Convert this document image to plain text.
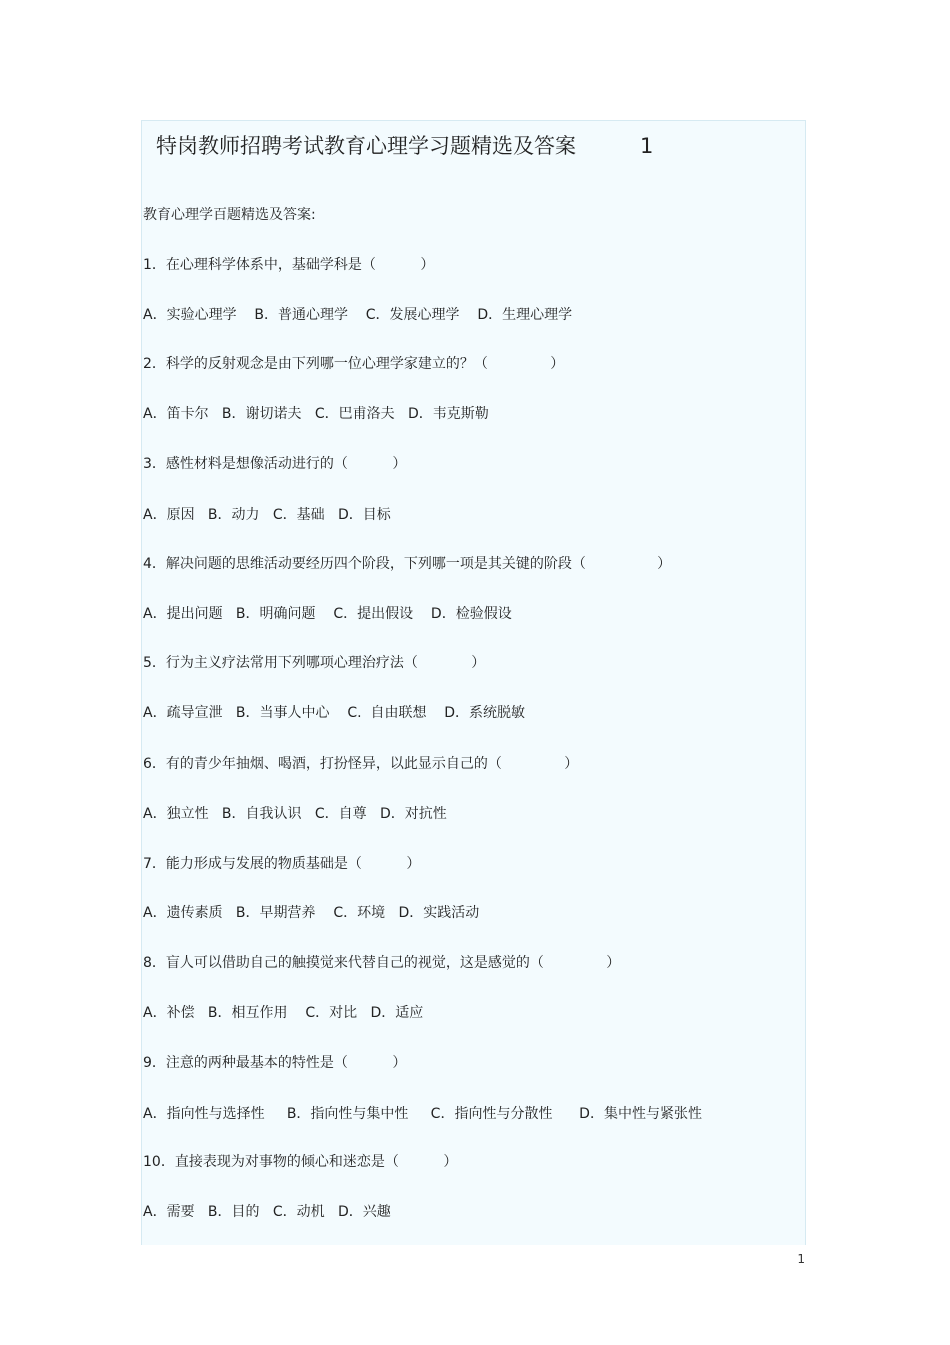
特岗教师招聘考试教育心理学习题精选及答案	1
教育心理学百题精选及答案:
1．在心理科学体系中，基础学科是（          ）
A．实验心理学    B．普通心理学    C．发展心理学    D．生理心理学
2．科学的反射观念是由下列哪一位心理学家建立的？（              ）
A．笛卡尔   B．谢切诺夫   C．巴甫洛夫   D．韦克斯勒
3．感性材料是想像活动进行的（          ）
A．原因   B．动力   C．基础   D．目标
4．解决问题的思维活动要经历四个阶段，下列哪一项是其关键的阶段（                ）
A．提出问题   B．明确问题    C．提出假设    D．检验假设
5．行为主义疗法常用下列哪项心理治疗法（            ）
A．疏导宣泄   B．当事人中心    C.  自由联想    D．系统脱敏
6．有的青少年抽烟、喝酒，打扮怪异，以此显示自己的（              ）
A．独立性   B．自我认识   C．自尊   D．对抗性
7．能力形成与发展的物质基础是（          ）
A．遗传素质   B．早期营养    C．环境   D．实践活动
8．盲人可以借助自己的触摸觉来代替自己的视觉，这是感觉的（              ）
A．补偿   B．相互作用    C．对比   D．适应
9．注意的两种最基本的特性是（          ）
A．指向性与选择性     B．指向性与集中性     C．指向性与分散性      D．集中性与紧张性
10．直接表现为对事物的倾心和迷恋是（          ）
A．需要   B．目的   C．动机   D．兴趣
1
